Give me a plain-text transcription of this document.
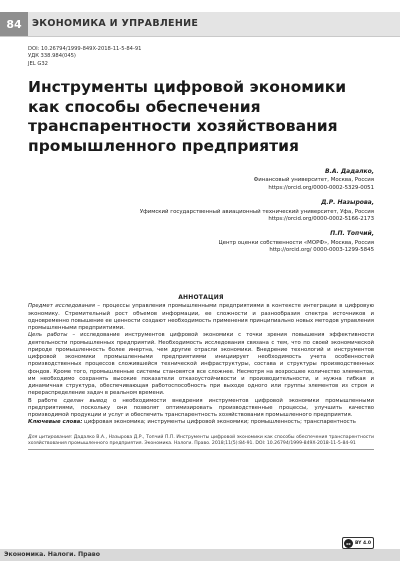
84	ЭКОНОМИКА И УПРАВЛЕНИЕ
DOI: 10.26794/1999-849X-2018-11-5-84-91
УДК 338.984(045)
JEL G32
Инструменты цифровой экономики как способы обеспечения транспарентности хозяйствования промышленного предприятия
В.А. Дадалко,
Финансовый университет, Москва, Россия
https://orcid.org/0000-0002-5329-0051
Д.Р. Назырова,
Уфимский государственный авиационный технический университет, Уфа, Россия
https://orcid.org/0000-0002-5166-2173
П.П. Топчий,
Центр оценки собственности «МОРФ», Москва, Россия
http://orcid.org/ 0000-0003-1299-5845
АННОТАЦИЯ

Предмет исследования – процессы управления промышленными предприятиями в контексте интеграции в цифровую экономику. Стремительный рост объемов информации, ее сложности и разнообразия спектра источников и одновременно повышение ее ценности создают необходимость применения принципиально новых методов управления промышленными предприятиями.

Цель работы – исследование инструментов цифровой экономики с точки зрения повышения эффективности деятельности промышленных предприятий. Необходимость исследования связана с тем, что по своей экономической природе промышленность более инертна, чем другие отрасли экономики. Внедрение технологий и инструментов цифровой экономики промышленными предприятиями инициирует необходимость учета особенностей производственных процессов сложившейся технической инфраструктуры, состава и структуры производственных фондов. Кроме того, промышленные системы становятся все сложнее. Несмотря на возросшее количество элементов, им необходимо сохранять высокие показатели отказоустойчивости и производительности, и нужна гибкая и динамичная структура, обеспечивающая работоспособность при выходе одного или группы элементов из строя и перераспределение задач в реальном времени.

В работе сделан вывод о необходимости внедрения инструментов цифровой экономики промышленными предприятиями, поскольку они позволят оптимизировать производственные процессы, улучшить качество производимой продукции и услуг и обеспечить транспарентность хозяйствования промышленного предприятия.

Ключевые слова: цифровая экономика; инструменты цифровой экономики; промышленность; транспарентность

Для цитирования: Дадалко В.А., Назырова Д.Р., Топчий П.П. Инструменты цифровой экономики как способы обеспечения транспарентности хозяйствования промышленного предприятия. Экономика. Налоги. Право. 2018;11(5):84-91. DOI: 10.26794/1999-849X-2018-11-5-84-91
cc BY 4.0
Экономика. Налоги. Право
